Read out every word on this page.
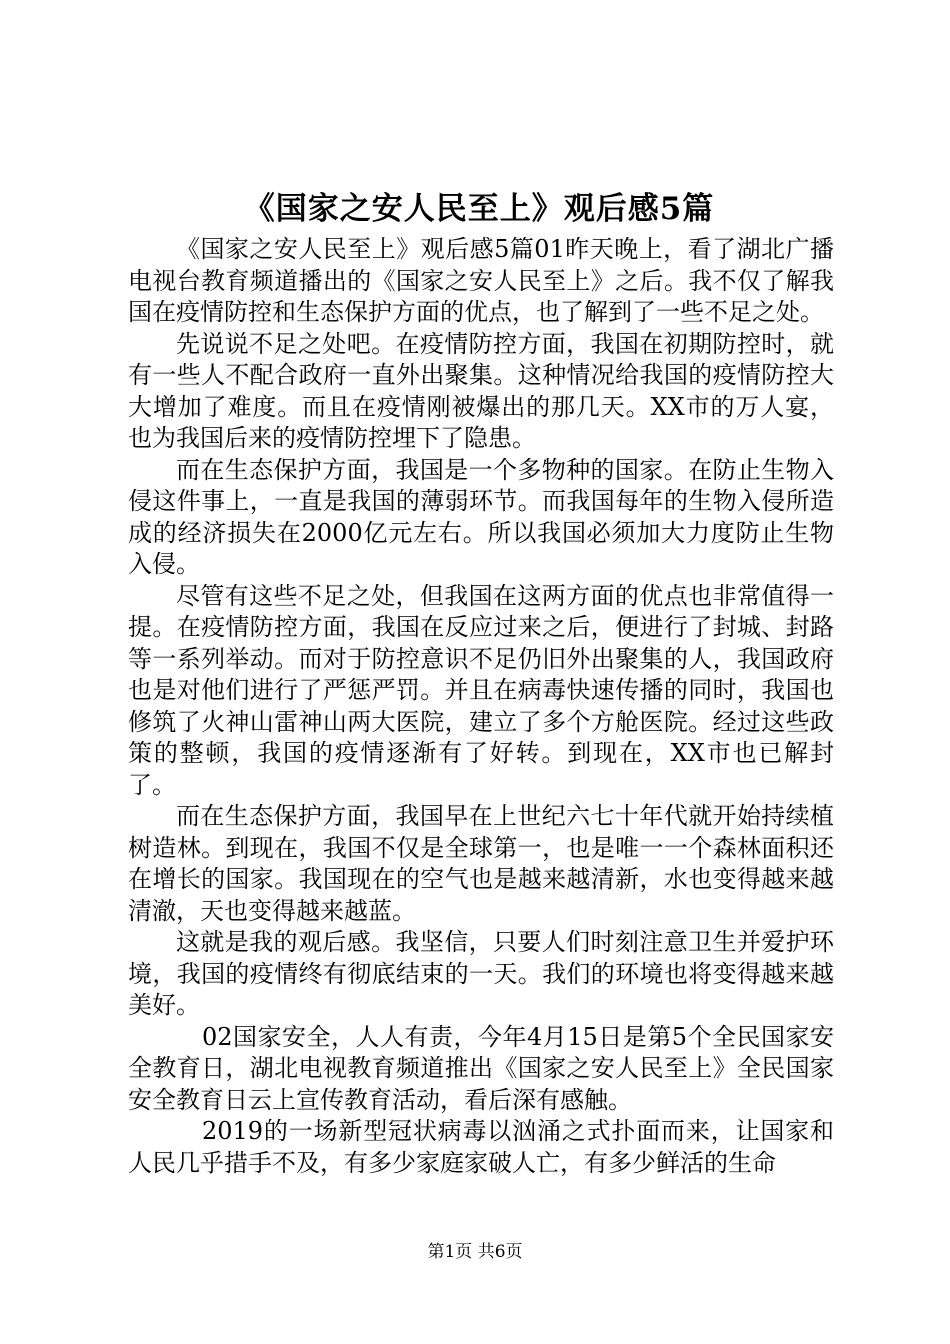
《国家之安人民至上》观后感5篇

《国家之安人民至上》观后感5篇01昨天晚上，看了湖北广播电视台教育频道播出的《国家之安人民至上》之后。我不仅了解我国在疫情防控和生态保护方面的优点，也了解到了一些不足之处。

先说说不足之处吧。在疫情防控方面，我国在初期防控时，就有一些人不配合政府一直外出聚集。这种情况给我国的疫情防控大大增加了难度。而且在疫情刚被爆出的那几天。XX市的万人宴，也为我国后来的疫情防控埋下了隐患。

而在生态保护方面，我国是一个多物种的国家。在防止生物入侵这件事上，一直是我国的薄弱环节。而我国每年的生物入侵所造成的经济损失在2000亿元左右。所以我国必须加大力度防止生物入侵。

尽管有这些不足之处，但我国在这两方面的优点也非常值得一提。在疫情防控方面，我国在反应过来之后，便进行了封城、封路等一系列举动。而对于防控意识不足仍旧外出聚集的人，我国政府也是对他们进行了严惩严罚。并且在病毒快速传播的同时，我国也修筑了火神山雷神山两大医院，建立了多个方舱医院。经过这些政策的整顿，我国的疫情逐渐有了好转。到现在，XX市也已解封了。

而在生态保护方面，我国早在上世纪六七十年代就开始持续植树造林。到现在，我国不仅是全球第一，也是唯一一个森林面积还在增长的国家。我国现在的空气也是越来越清新，水也变得越来越清澈，天也变得越来越蓝。

这就是我的观后感。我坚信，只要人们时刻注意卫生并爱护环境，我国的疫情终有彻底结束的一天。我们的环境也将变得越来越美好。

02国家安全，人人有责，今年4月15日是第5个全民国家安全教育日，湖北电视教育频道推出《国家之安人民至上》全民国家安全教育日云上宣传教育活动，看后深有感触。

2019的一场新型冠状病毒以汹涌之式扑面而来，让国家和人民几乎措手不及，有多少家庭家破人亡，有多少鲜活的生命

第1页 共6页
